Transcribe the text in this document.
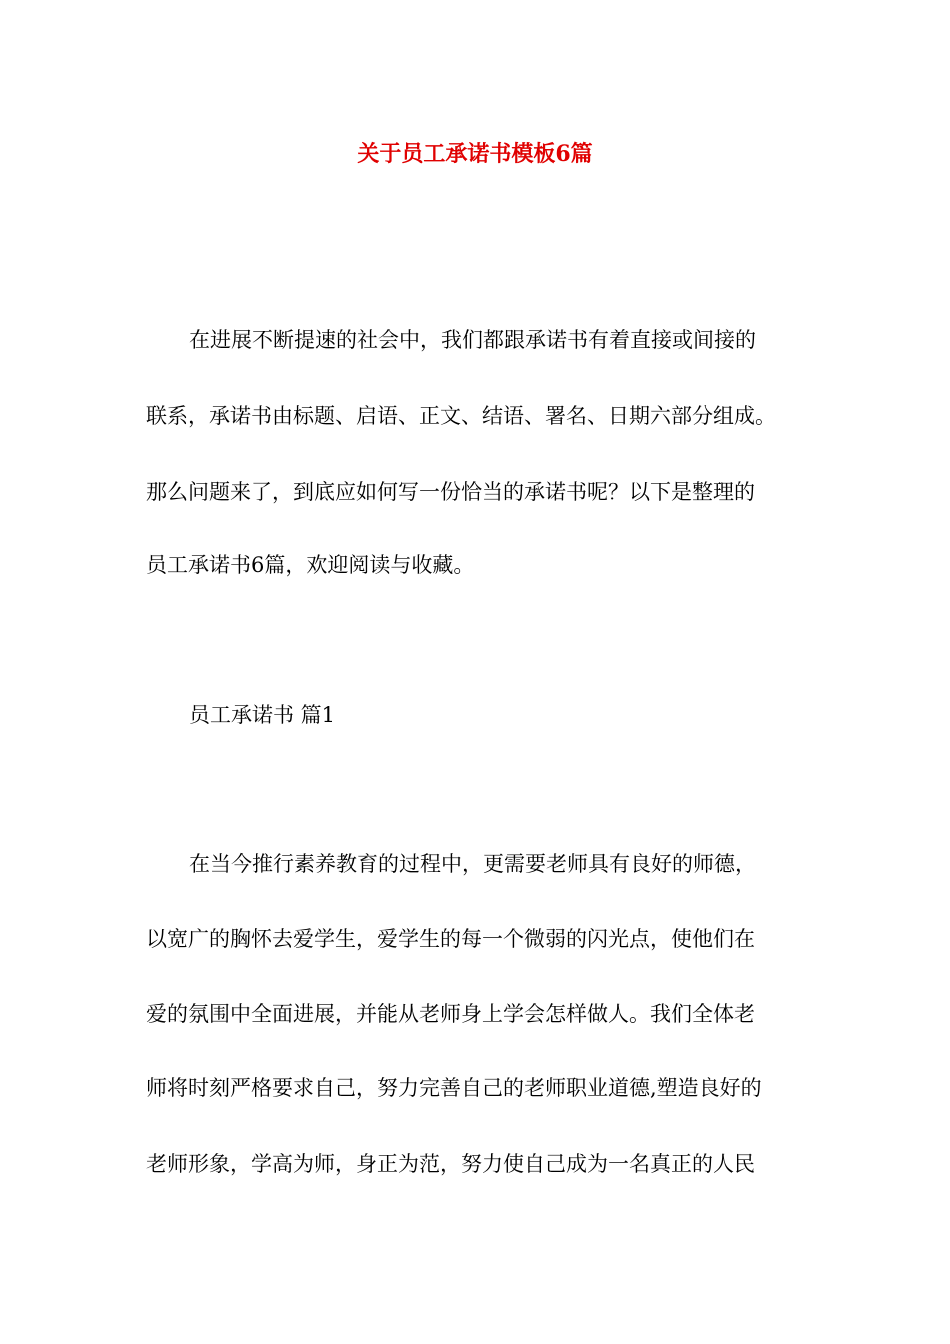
关于员工承诺书模板6篇
在进展不断提速的社会中，我们都跟承诺书有着直接或间接的
联系，承诺书由标题、启语、正文、结语、署名、日期六部分组成。
那么问题来了，到底应如何写一份恰当的承诺书呢？以下是整理的
员工承诺书6篇，欢迎阅读与收藏。
员工承诺书 篇1
在当今推行素养教育的过程中，更需要老师具有良好的师德，
以宽广的胸怀去爱学生，爱学生的每一个微弱的闪光点，使他们在
爱的氛围中全面进展，并能从老师身上学会怎样做人。我们全体老
师将时刻严格要求自己，努力完善自己的老师职业道德,塑造良好的
老师形象，学高为师，身正为范，努力使自己成为一名真正的人民
